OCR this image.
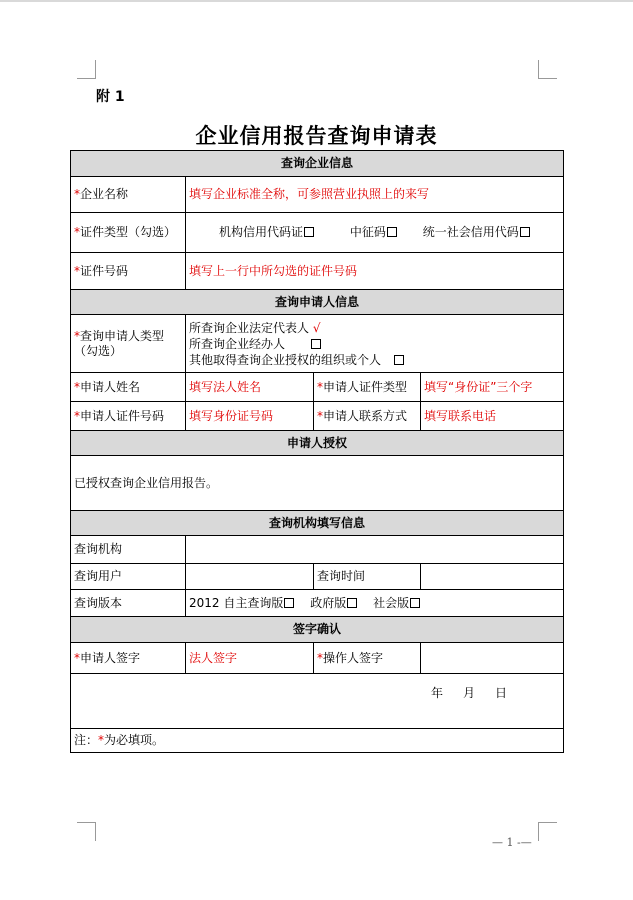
附 1
企业信用报告查询申请表
查询企业信息			
*企业名称	填写企业标准全称，可参照营业执照上的来写		
*证件类型（勾选）	机构信用代码证 中征码 统一社会信用代码		
*证件号码	填写上一行中所勾选的证件号码		
查询申请人信息			
*查询申请人类型（勾选）	所查询企业法定代表人 √
所查询企业经办人
其他取得查询企业授权的组织或个人		

*申请人姓名	填写法人姓名	*申请人证件类型	填写“身份证”三个字
*申请人证件号码	填写身份证号码	*申请人联系方式	填写联系电话
申请人授权			
已授权查询企业信用报告。			
查询机构填写信息			
查询机构			
查询用户		查询时间	
查询版本	2012 自主查询版 政府版 社会版		
签字确认			
*申请人签字	法人签字	*操作人签字	

年 月 日			

注：*为必填项。			
— 1 -—
